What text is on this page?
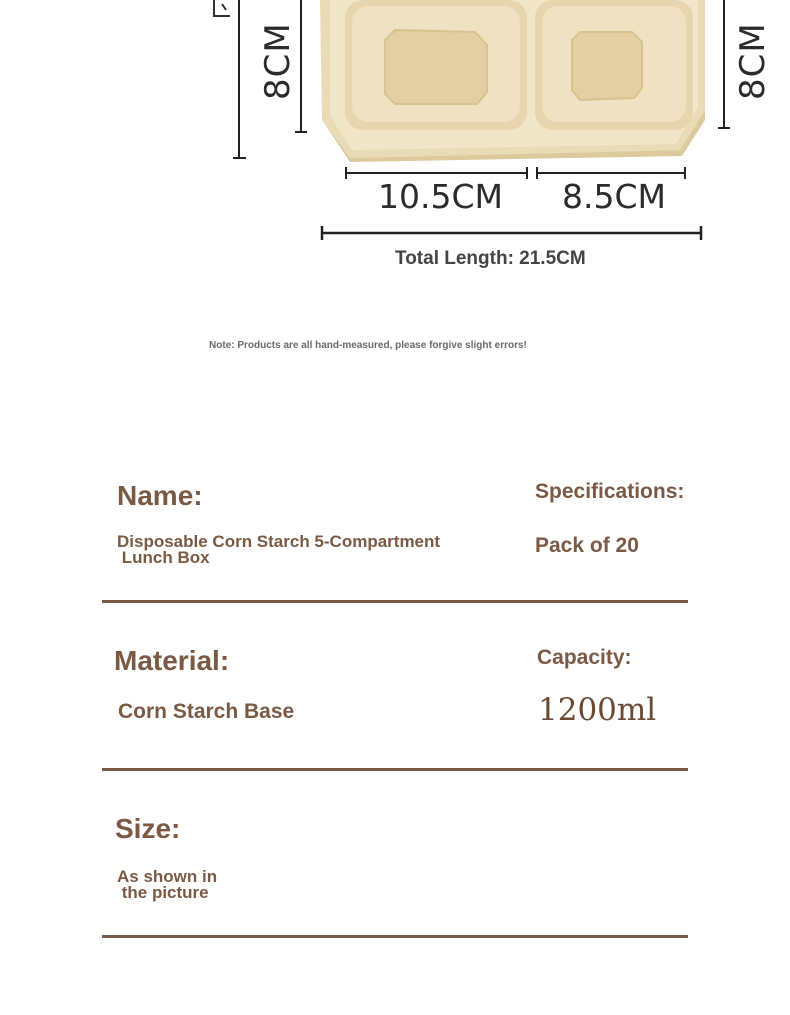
8CM	8CM
10.5CM 8.5CM
Total Length: 21.5CM
Note: Products are all hand-measured, please forgive slight errors!
Name:
Disposable Corn Starch 5-Compartment
Lunch Box
Specifications:
Pack of 20
Material:
Corn Starch Base
Capacity:
1200ml
Size:
As shown in
the picture
